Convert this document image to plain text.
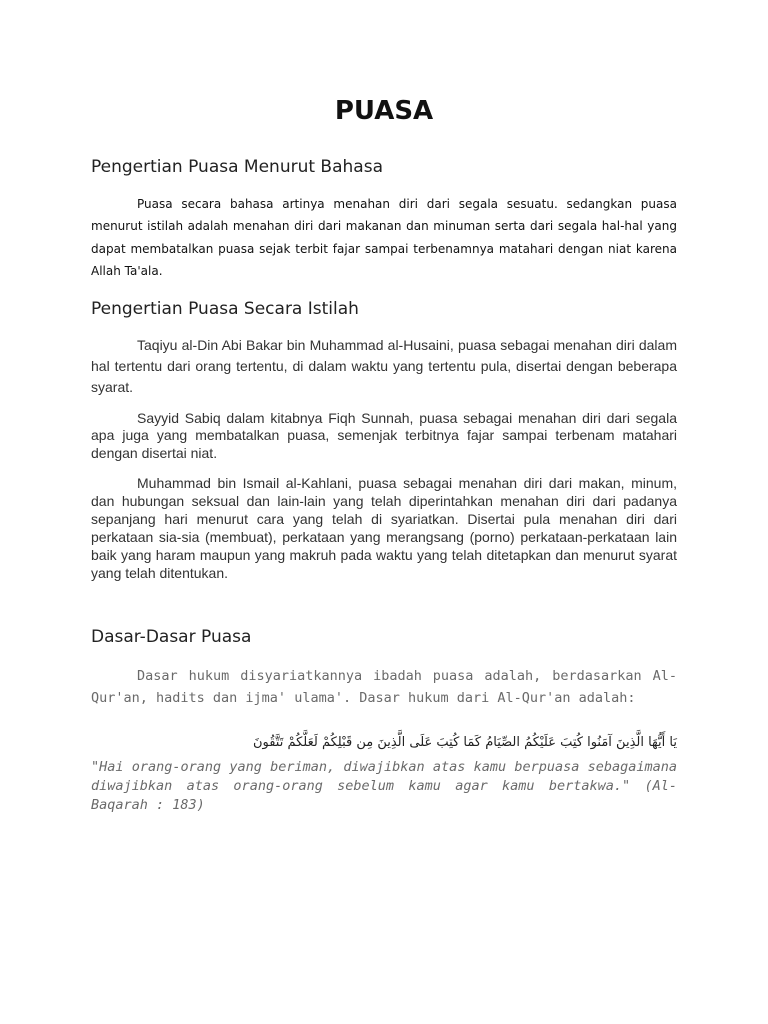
PUASA
Pengertian Puasa Menurut Bahasa

Puasa secara bahasa artinya menahan diri dari segala sesuatu. sedangkan puasa menurut istilah adalah menahan diri dari makanan dan minuman serta dari segala hal-hal yang dapat membatalkan puasa sejak terbit fajar sampai terbenamnya matahari dengan niat karena Allah Ta'ala.

Pengertian Puasa Secara Istilah

Taqiyu al-Din Abi Bakar bin Muhammad al-Husaini, puasa sebagai menahan diri dalam hal tertentu dari orang tertentu, di dalam waktu yang tertentu pula, disertai dengan beberapa syarat.

Sayyid Sabiq dalam kitabnya Fiqh Sunnah, puasa sebagai menahan diri dari segala apa juga yang membatalkan puasa, semenjak terbitnya fajar sampai terbenam matahari dengan disertai niat.

Muhammad bin Ismail al-Kahlani, puasa sebagai menahan diri dari makan, minum, dan hubungan seksual dan lain-lain yang telah diperintahkan menahan diri dari padanya sepanjang hari menurut cara yang telah di syariatkan. Disertai pula menahan diri dari perkataan sia-sia (membuat), perkataan yang merangsang (porno) perkataan-perkataan lain baik yang haram maupun yang makruh pada waktu yang telah ditetapkan dan menurut syarat yang telah ditentukan.

Dasar-Dasar Puasa

Dasar hukum disyariatkannya ibadah puasa adalah, berdasarkan Al-Qur'an, hadits dan ijma' ulama'. Dasar hukum dari Al-Qur'an adalah:

يَا أَيُّهَا الَّذِينَ آمَنُوا كُتِبَ عَلَيْكُمُ الصِّيَامُ كَمَا كُتِبَ عَلَى الَّذِينَ مِن قَبْلِكُمْ لَعَلَّكُمْ تَتَّقُونَ

"Hai orang-orang yang beriman, diwajibkan atas kamu berpuasa sebagaimana diwajibkan atas orang-orang sebelum kamu agar kamu bertakwa." (Al-Baqarah : 183)
